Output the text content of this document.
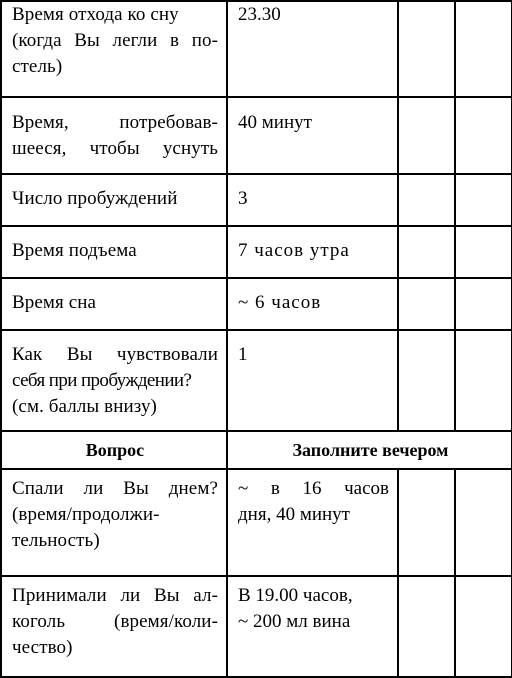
Время отхода ко сну
(когда Вы легли в по-
стель)	23.30		

Время, потребовав-
шееся, чтобы уснуть	40 минут		

Число пробуждений	3		

Время подъема	7 часов утра		

Время сна	~ 6 часов		

Как Вы чувствовали
себя при пробуждении?
(см. баллы внизу)	1		

Вопрос	Заполните вечером		

Спали ли Вы днем?
(время/продолжи-
тельность)	~ в 16 часов
дня, 40 минут		

Принимали ли Вы ал-
коголь (время/коли-
чество)	В 19.00 часов,
~ 200 мл вина		
